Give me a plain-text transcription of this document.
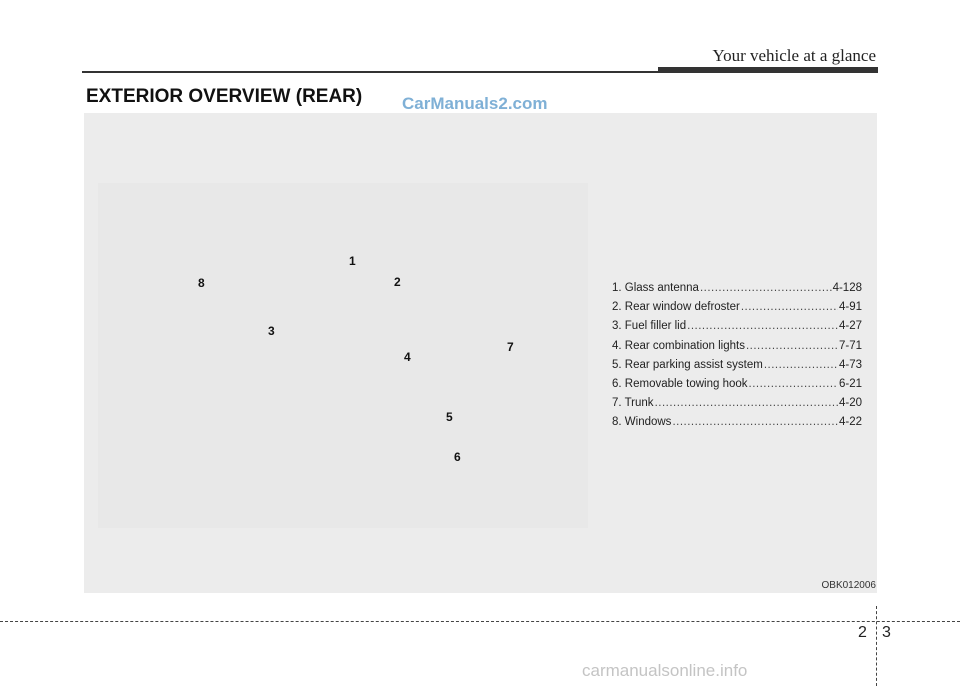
Your vehicle at a glance
EXTERIOR OVERVIEW (REAR) CarManuals2.com
1
2
3
4
5
6
7
8	1. Glass antenna .....	4-128
2. Rear window defroster .....	4-91
3. Fuel filler lid .....	4-27
4. Rear combination lights .....	7-71
5. Rear parking assist system .....	4-73
6. Removable towing hook .....	6-21
7. Trunk .....	4-20
8. Windows .....	4-22
OBK012006
2 3
carmanualsonline.info
